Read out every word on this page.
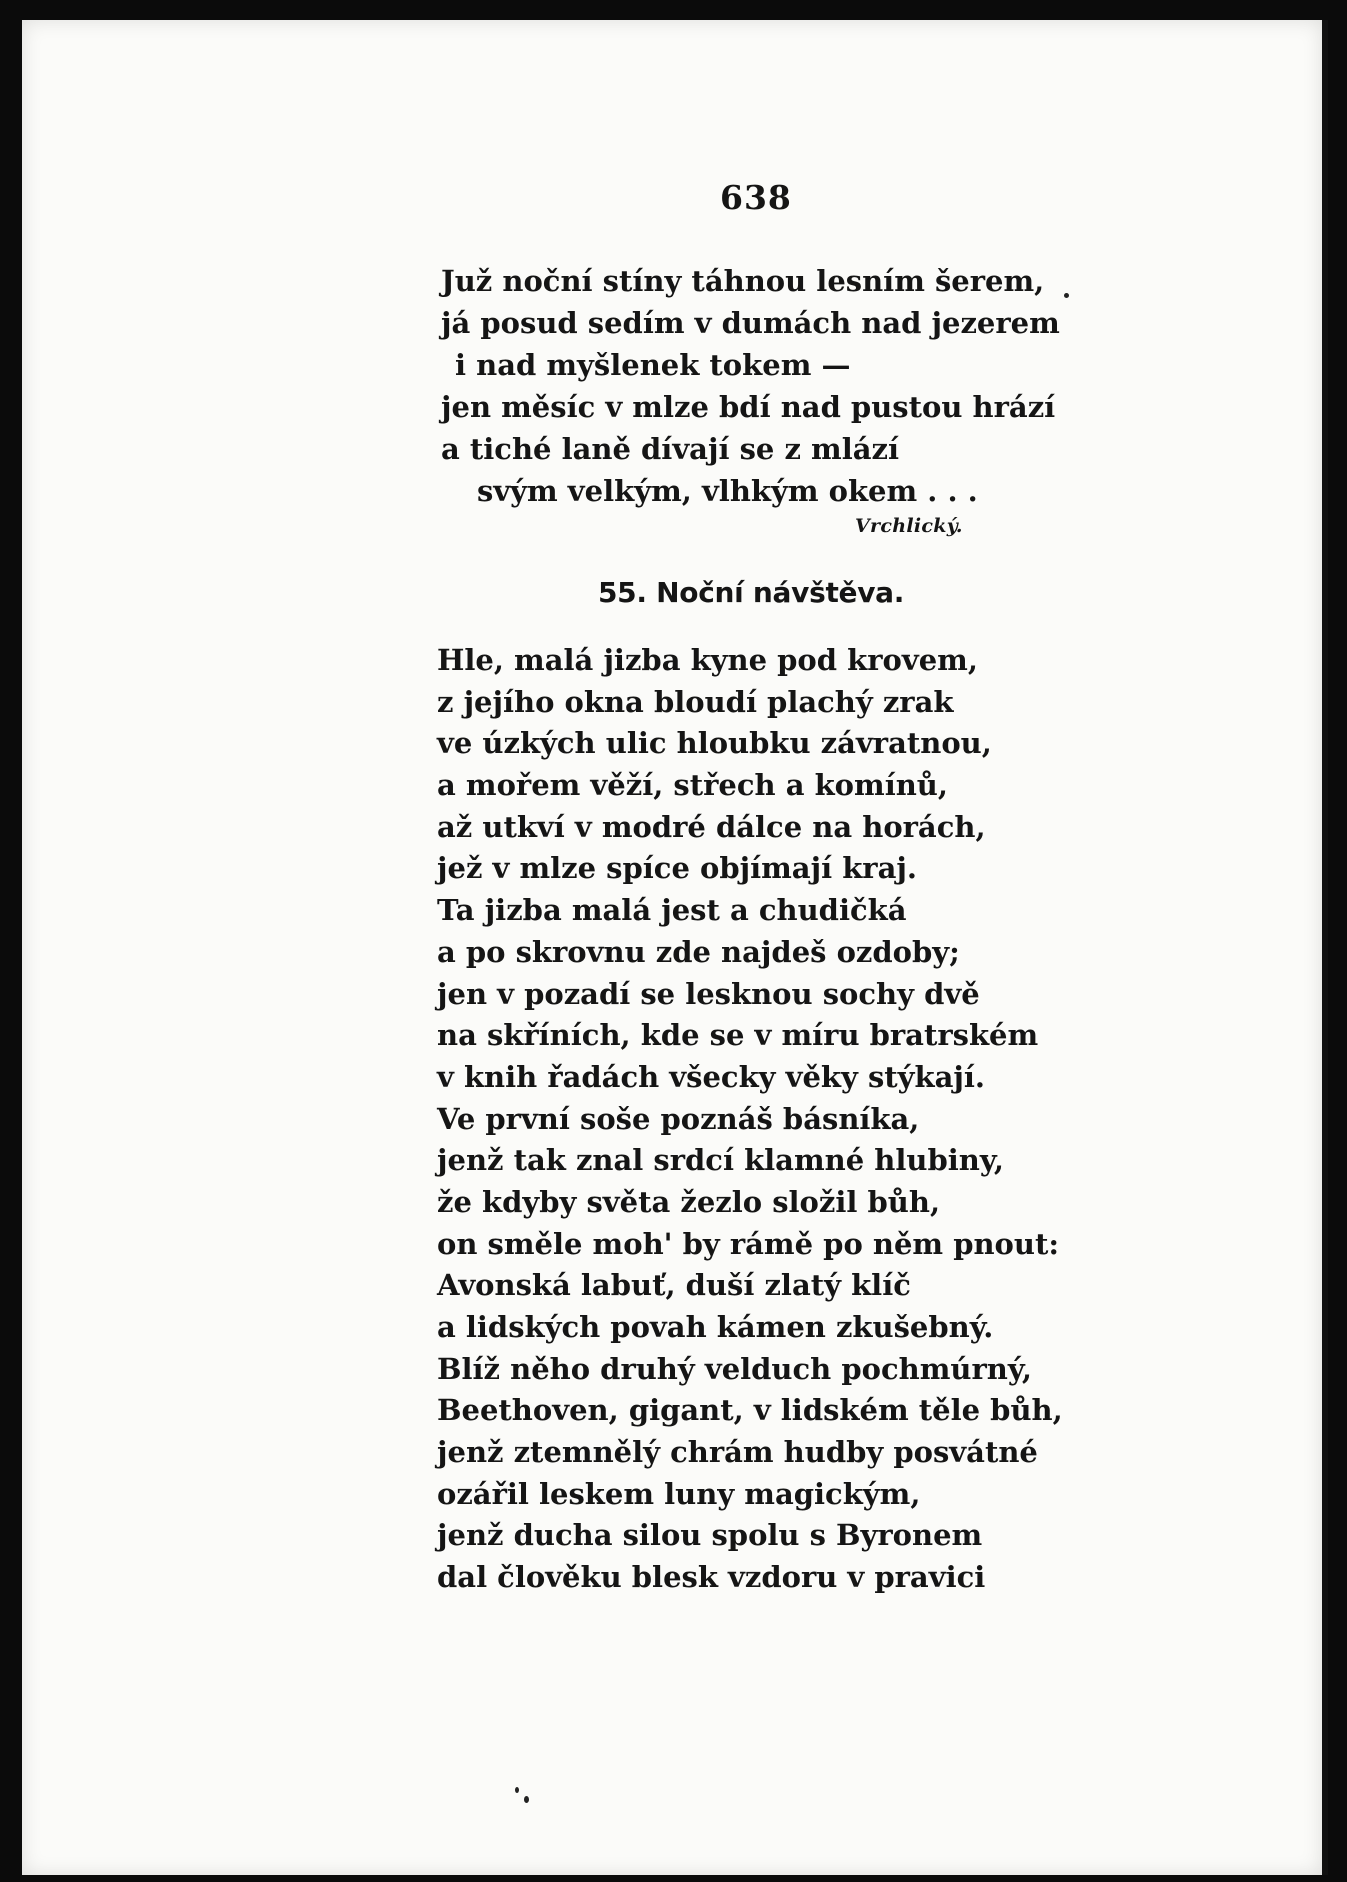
638
Juž noční stíny táhnou lesním šerem,
já posud sedím v dumách nad jezerem
i nad myšlenek tokem —
jen měsíc v mlze bdí nad pustou hrází
a tiché laně dívají se z mlází
svým velkým, vlhkým okem . . .
Vrchlický.
55. Noční návštěva.
Hle, malá jizba kyne pod krovem,
z jejího okna bloudí plachý zrak
ve úzkých ulic hloubku závratnou,
a mořem věží, střech a komínů,
až utkví v modré dálce na horách,
jež v mlze spíce objímají kraj.
Ta jizba malá jest a chudičká
a po skrovnu zde najdeš ozdoby;
jen v pozadí se lesknou sochy dvě
na skříních, kde se v míru bratrském
v knih řadách všecky věky stýkají.
Ve první soše poznáš básníka,
jenž tak znal srdcí klamné hlubiny,
že kdyby světa žezlo složil bůh,
on směle moh' by rámě po něm pnout:
Avonská labuť, duší zlatý klíč
a lidských povah kámen zkušebný.
Blíž něho druhý velduch pochmúrný,
Beethoven, gigant, v lidském těle bůh,
jenž ztemnělý chrám hudby posvátné
ozářil leskem luny magickým,
jenž ducha silou spolu s Byronem
dal člověku blesk vzdoru v pravici
